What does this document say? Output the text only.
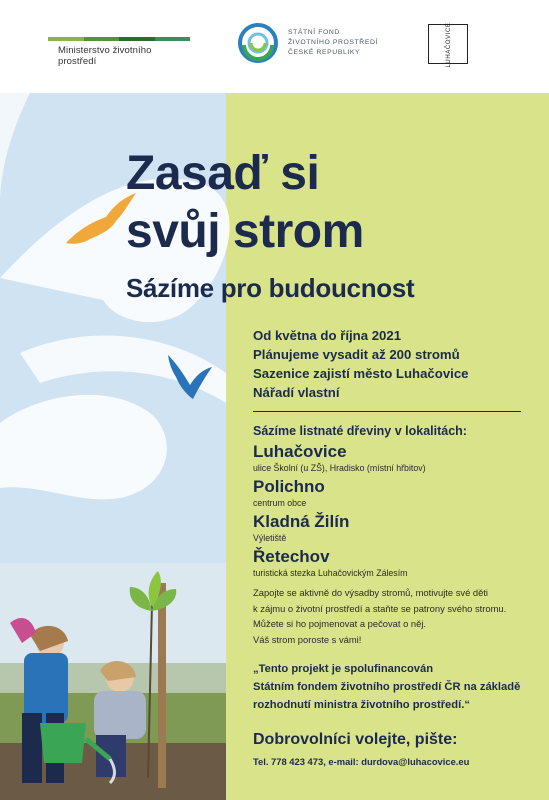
Ministerstvo životního prostředí
STÁTNÍ FOND
ŽIVOTNÍHO PROSTŘEDÍ
ČESKÉ REPUBLIKY	LUHAČOVICE
Zasaď si
svůj strom
Sázíme pro budoucnost
Od května do října 2021
Plánujeme vysadit až 200 stromů
Sazenice zajistí město Luhačovice
Nářadí vlastní
Sázíme listnaté dřeviny v lokalitách:
Luhačovice
ulice Školní (u ZŠ), Hradisko (místní hřbitov)
Polichno
centrum obce
Kladná Žilín
Výletiště
Řetechov
turistická stezka Luhačovickým Zálesím
Zapojte se aktivně do výsadby stromů, motivujte své děti
k zájmu o životní prostředí a staňte se patrony svého stromu.
Můžete si ho pojmenovat a pečovat o něj.
Váš strom poroste s vámi!
„Tento projekt je spolufinancován
Státním fondem životního prostředí ČR na základě
rozhodnutí ministra životního prostředí.“
Dobrovolníci volejte, pište:
Tel. 778 423 473, e-mail: durdova@luhacovice.eu
